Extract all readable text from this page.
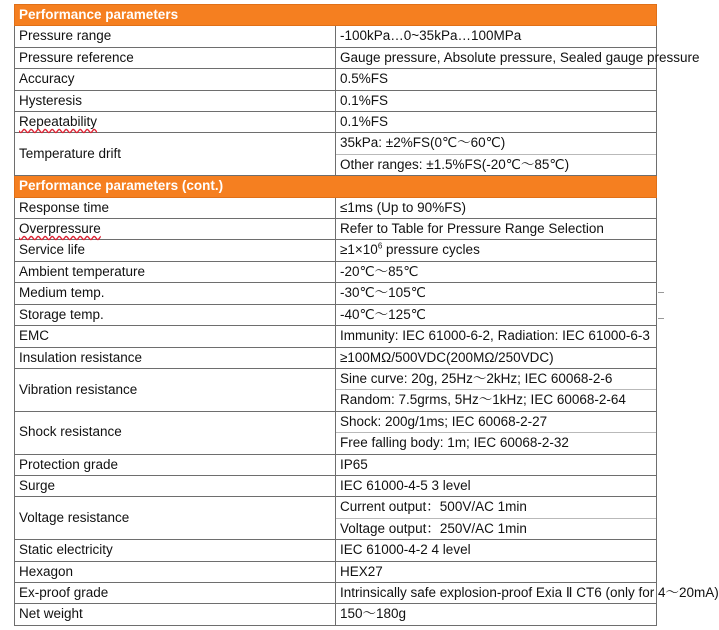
Performance parameters	
Pressure range	-100kPa…0~35kPa…100MPa
Pressure reference	Gauge pressure, Absolute pressure, Sealed gauge pressure
Accuracy	0.5%FS
Hysteresis	0.1%FS
Repeatability	0.1%FS
Temperature drift	35kPa: ±2%FS(0℃～60℃)
	Other ranges: ±1.5%FS(-20℃～85℃)
Performance parameters (cont.)	
Response time	≤1ms (Up to 90%FS)
Overpressure	Refer to Table for Pressure Range Selection
Service life	$\ge 1\times 10^6$ pressure cycles
Ambient temperature	-20℃～85℃
Medium temp.	-30℃～105℃
Storage temp.	-40℃～125℃
EMC	Immunity: IEC 61000-6-2, Radiation: IEC 61000-6-3
Insulation resistance	≥100MΩ/500VDC(200MΩ/250VDC)
Vibration resistance	Sine curve: 20g, 25Hz～2kHz; IEC 60068-2-6
	Random: 7.5grms, 5Hz～1kHz; IEC 60068-2-64
Shock resistance	Shock: 200g/1ms; IEC 60068-2-27
	Free falling body: 1m; IEC 60068-2-32
Protection grade	IP65
Surge	IEC 61000-4-5 3 level
Voltage resistance	Current output：500V/AC 1min
	Voltage output：250V/AC 1min
Static electricity	IEC 61000-4-2 4 level
Hexagon	HEX27
Ex-proof grade	Intrinsically safe explosion-proof Exia Ⅱ CT6 (only for 4～20mA)
Net weight	150～180g
